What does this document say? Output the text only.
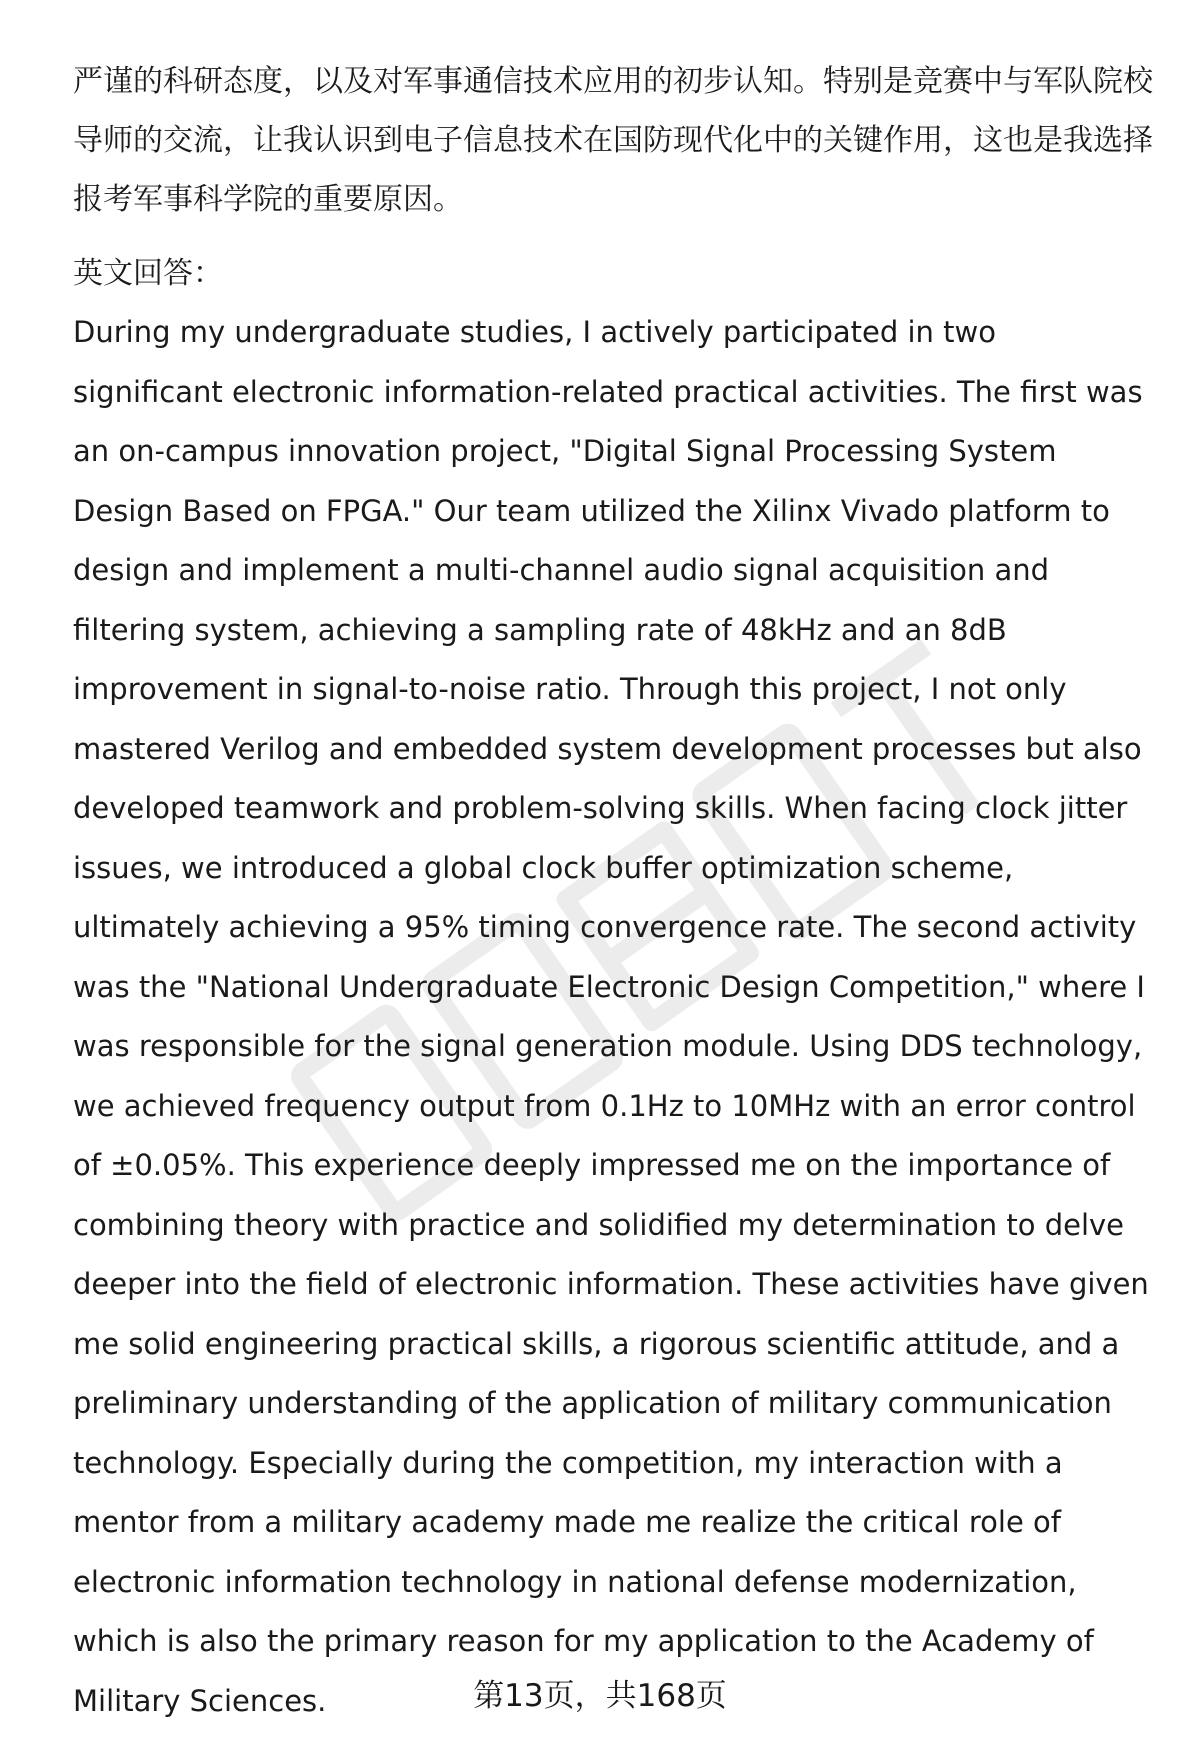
严谨的科研态度，以及对军事通信技术应用的初步认知。特别是竞赛中与军队院校导师的交流，让我认识到电子信息技术在国防现代化中的关键作用，这也是我选择报考军事科学院的重要原因。

英文回答：

During my undergraduate studies, I actively participated in two significant electronic information-related practical activities. The first was an on-campus innovation project, "Digital Signal Processing System Design Based on FPGA." Our team utilized the Xilinx Vivado platform to design and implement a multi-channel audio signal acquisition and filtering system, achieving a sampling rate of 48kHz and an 8dB improvement in signal-to-noise ratio. Through this project, I not only mastered Verilog and embedded system development processes but also developed teamwork and problem-solving skills. When facing clock jitter issues, we introduced a global clock buffer optimization scheme, ultimately achieving a 95% timing convergence rate. The second activity was the "National Undergraduate Electronic Design Competition," where I was responsible for the signal generation module. Using DDS technology, we achieved frequency output from 0.1Hz to 10MHz with an error control of ±0.05%. This experience deeply impressed me on the importance of combining theory with practice and solidified my determination to delve deeper into the field of electronic information. These activities have given me solid engineering practical skills, a rigorous scientific attitude, and a preliminary understanding of the application of military communication technology. Especially during the competition, my interaction with a mentor from a military academy made me realize the critical role of electronic information technology in national defense modernization, which is also the primary reason for my application to the Academy of Military Sciences.	第13页，共168页
